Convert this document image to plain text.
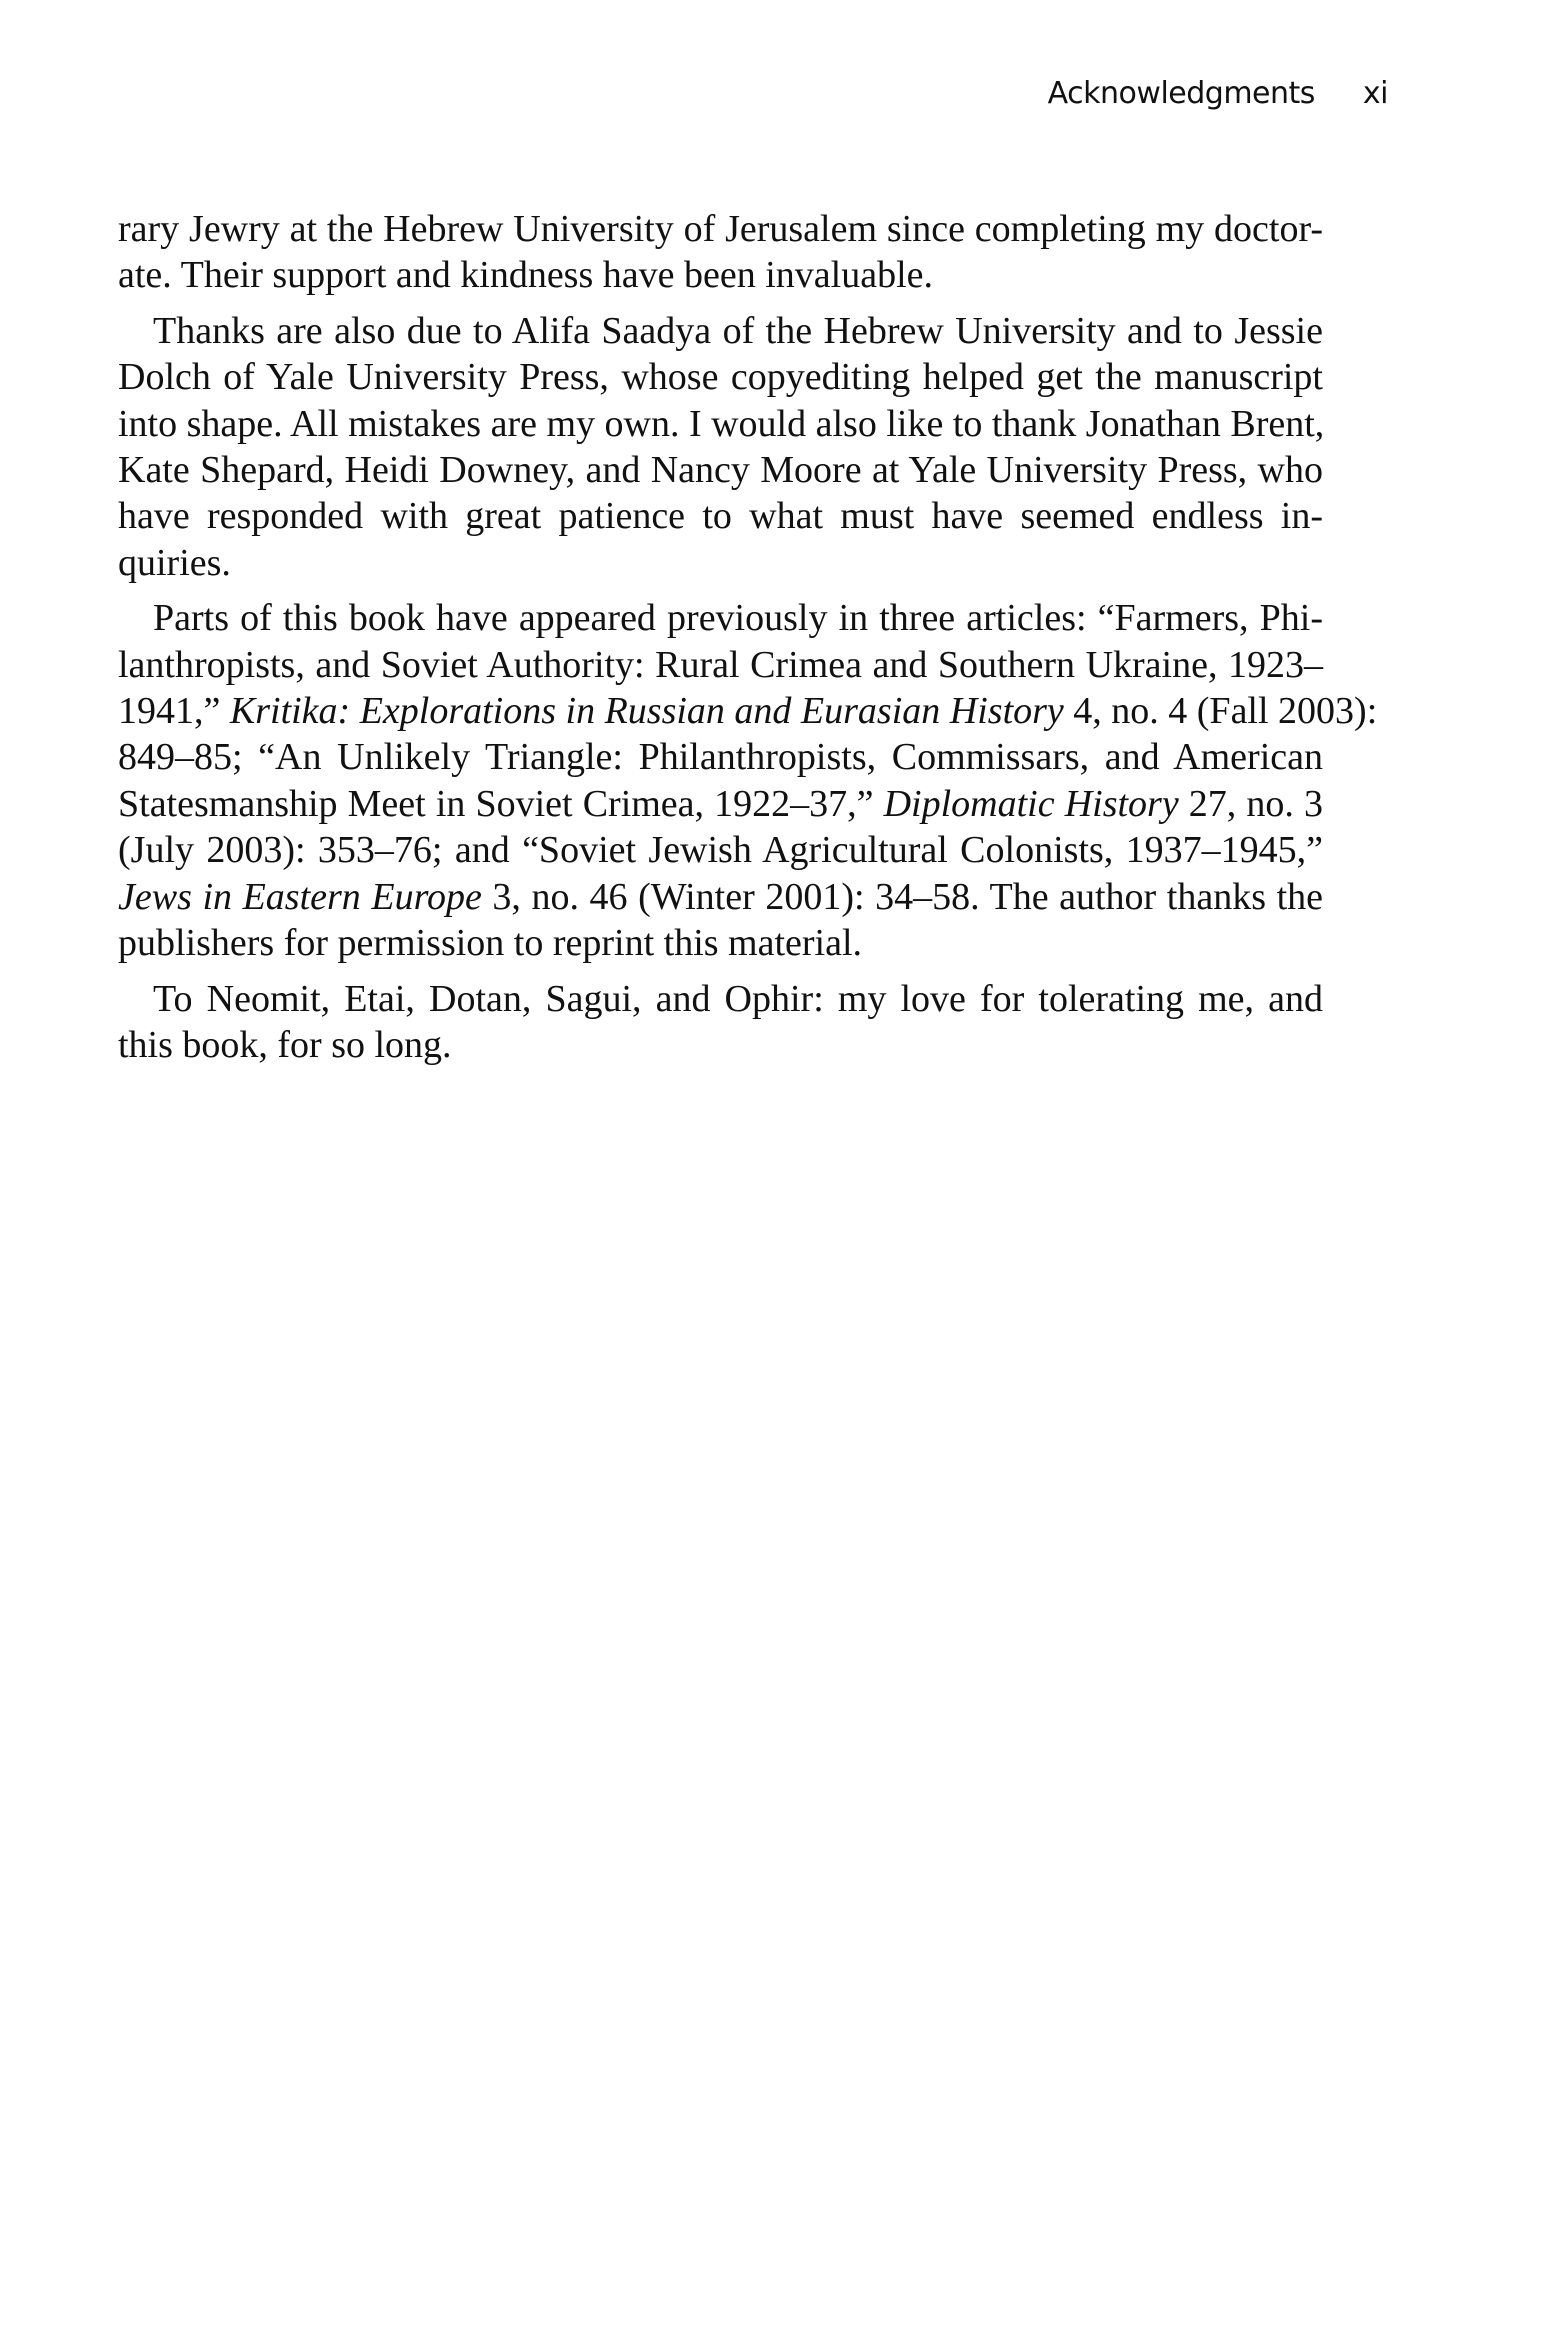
Acknowledgments xi
rary Jewry at the Hebrew University of Jerusalem since completing my doctor-
ate. Their support and kindness have been invaluable.
Thanks are also due to Alifa Saadya of the Hebrew University and to Jessie
Dolch of Yale University Press, whose copyediting helped get the manuscript
into shape. All mistakes are my own. I would also like to thank Jonathan Brent,
Kate Shepard, Heidi Downey, and Nancy Moore at Yale University Press, who
have responded with great patience to what must have seemed endless in-
quiries.
Parts of this book have appeared previously in three articles: “Farmers, Phi-
lanthropists, and Soviet Authority: Rural Crimea and Southern Ukraine, 1923–
1941,” Kritika: Explorations in Russian and Eurasian History 4, no. 4 (Fall 2003):
849–85; “An Unlikely Triangle: Philanthropists, Commissars, and American
Statesmanship Meet in Soviet Crimea, 1922–37,” Diplomatic History 27, no. 3
(July 2003): 353–76; and “Soviet Jewish Agricultural Colonists, 1937–1945,”
Jews in Eastern Europe 3, no. 46 (Winter 2001): 34–58. The author thanks the
publishers for permission to reprint this material.
To Neomit, Etai, Dotan, Sagui, and Ophir: my love for tolerating me, and
this book, for so long.
